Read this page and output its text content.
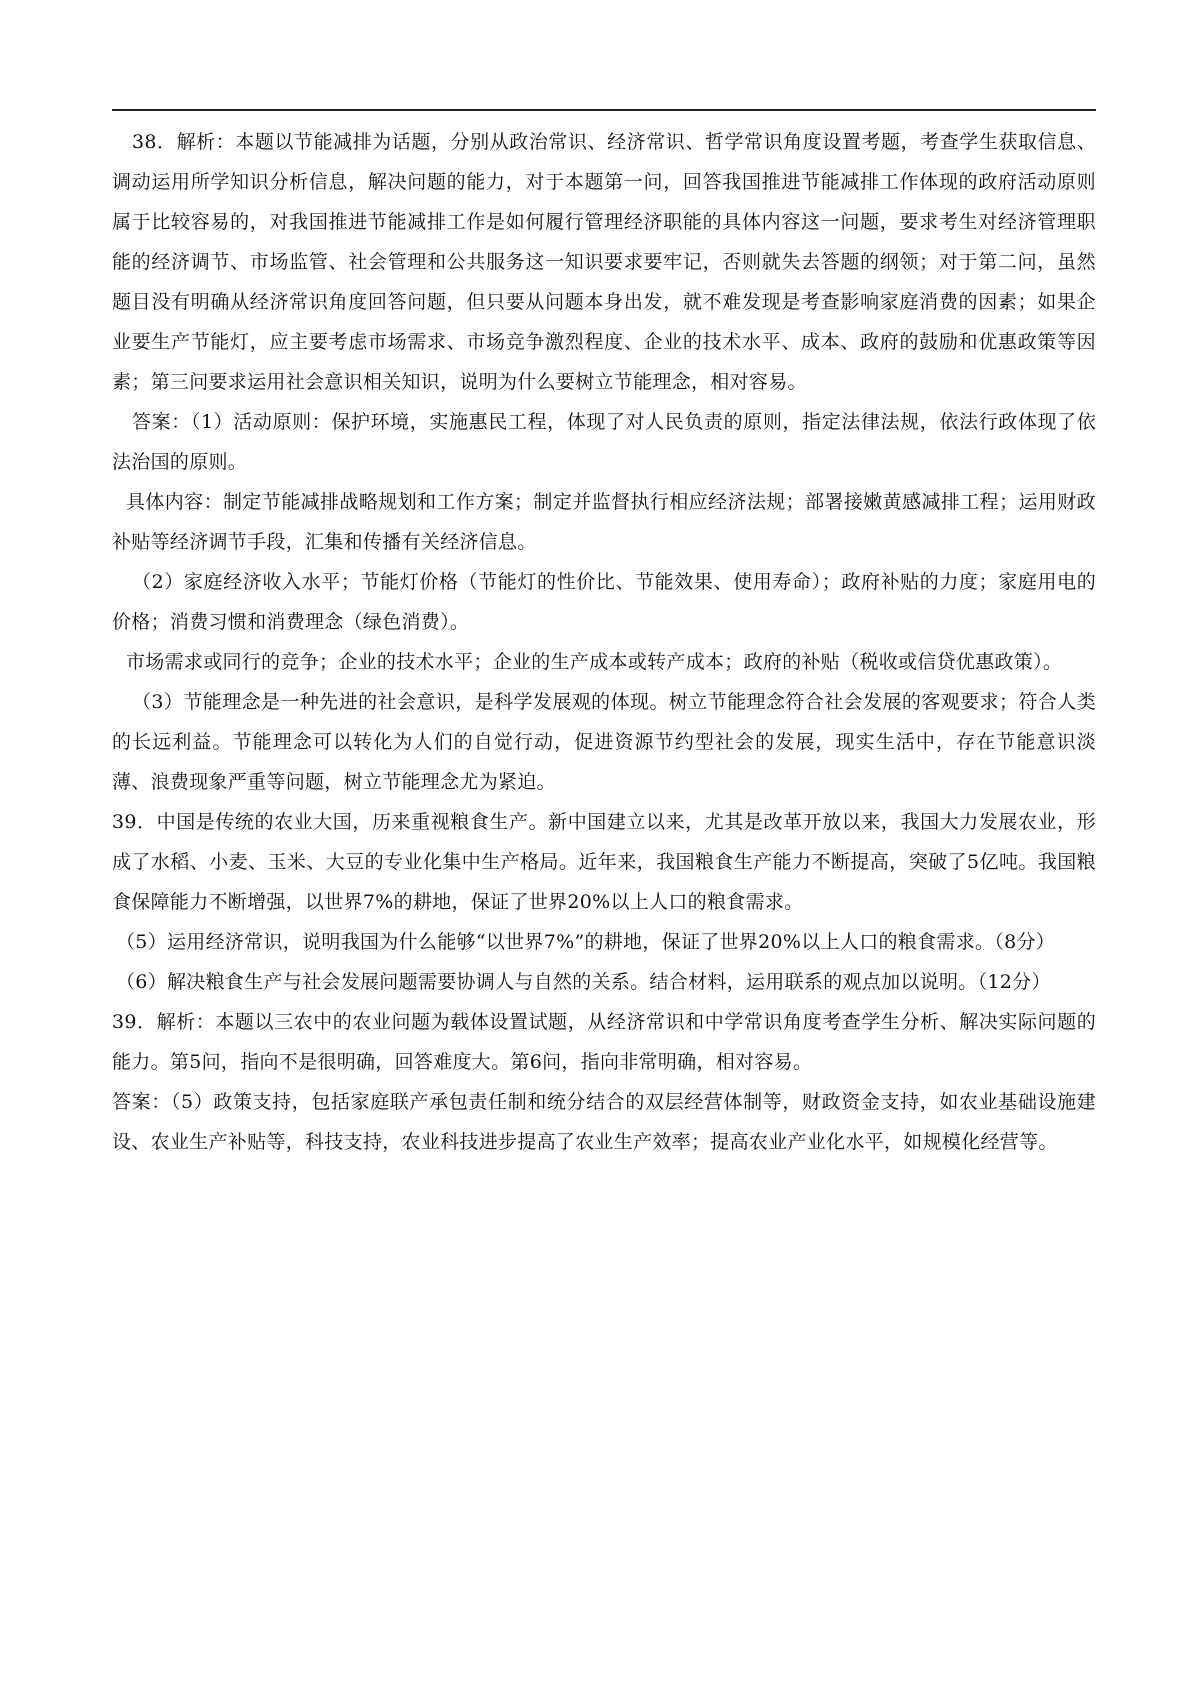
38．解析：本题以节能减排为话题，分别从政治常识、经济常识、哲学常识角度设置考题，考查学生获取信息、调动运用所学知识分析信息，解决问题的能力，对于本题第一问，回答我国推进节能减排工作体现的政府活动原则属于比较容易的，对我国推进节能减排工作是如何履行管理经济职能的具体内容这一问题，要求考生对经济管理职能的经济调节、市场监管、社会管理和公共服务这一知识要求要牢记，否则就失去答题的纲领；对于第二问，虽然题目没有明确从经济常识角度回答问题，但只要从问题本身出发，就不难发现是考查影响家庭消费的因素；如果企业要生产节能灯，应主要考虑市场需求、市场竞争激烈程度、企业的技术水平、成本、政府的鼓励和优惠政策等因素；第三问要求运用社会意识相关知识，说明为什么要树立节能理念，相对容易。

答案：（1）活动原则：保护环境，实施惠民工程，体现了对人民负责的原则，指定法律法规，依法行政体现了依法治国的原则。

具体内容：制定节能减排战略规划和工作方案；制定并监督执行相应经济法规；部署接嫩黄感减排工程；运用财政补贴等经济调节手段，汇集和传播有关经济信息。

（2）家庭经济收入水平；节能灯价格（节能灯的性价比、节能效果、使用寿命）；政府补贴的力度；家庭用电的价格；消费习惯和消费理念（绿色消费）。

市场需求或同行的竞争；企业的技术水平；企业的生产成本或转产成本；政府的补贴（税收或信贷优惠政策）。

（3）节能理念是一种先进的社会意识，是科学发展观的体现。树立节能理念符合社会发展的客观要求；符合人类的长远利益。节能理念可以转化为人们的自觉行动，促进资源节约型社会的发展，现实生活中，存在节能意识淡薄、浪费现象严重等问题，树立节能理念尤为紧迫。

39．中国是传统的农业大国，历来重视粮食生产。新中国建立以来，尤其是改革开放以来，我国大力发展农业，形成了水稻、小麦、玉米、大豆的专业化集中生产格局。近年来，我国粮食生产能力不断提高，突破了5亿吨。我国粮食保障能力不断增强，以世界7%的耕地，保证了世界20%以上人口的粮食需求。

（5）运用经济常识，说明我国为什么能够“以世界7%”的耕地，保证了世界20%以上人口的粮食需求。（8分）

（6）解决粮食生产与社会发展问题需要协调人与自然的关系。结合材料，运用联系的观点加以说明。（12分）

39．解析：本题以三农中的农业问题为载体设置试题，从经济常识和中学常识角度考查学生分析、解决实际问题的能力。第5问，指向不是很明确，回答难度大。第6问，指向非常明确，相对容易。

答案：（5）政策支持，包括家庭联产承包责任制和统分结合的双层经营体制等，财政资金支持，如农业基础设施建设、农业生产补贴等，科技支持，农业科技进步提高了农业生产效率；提高农业产业化水平，如规模化经营等。
